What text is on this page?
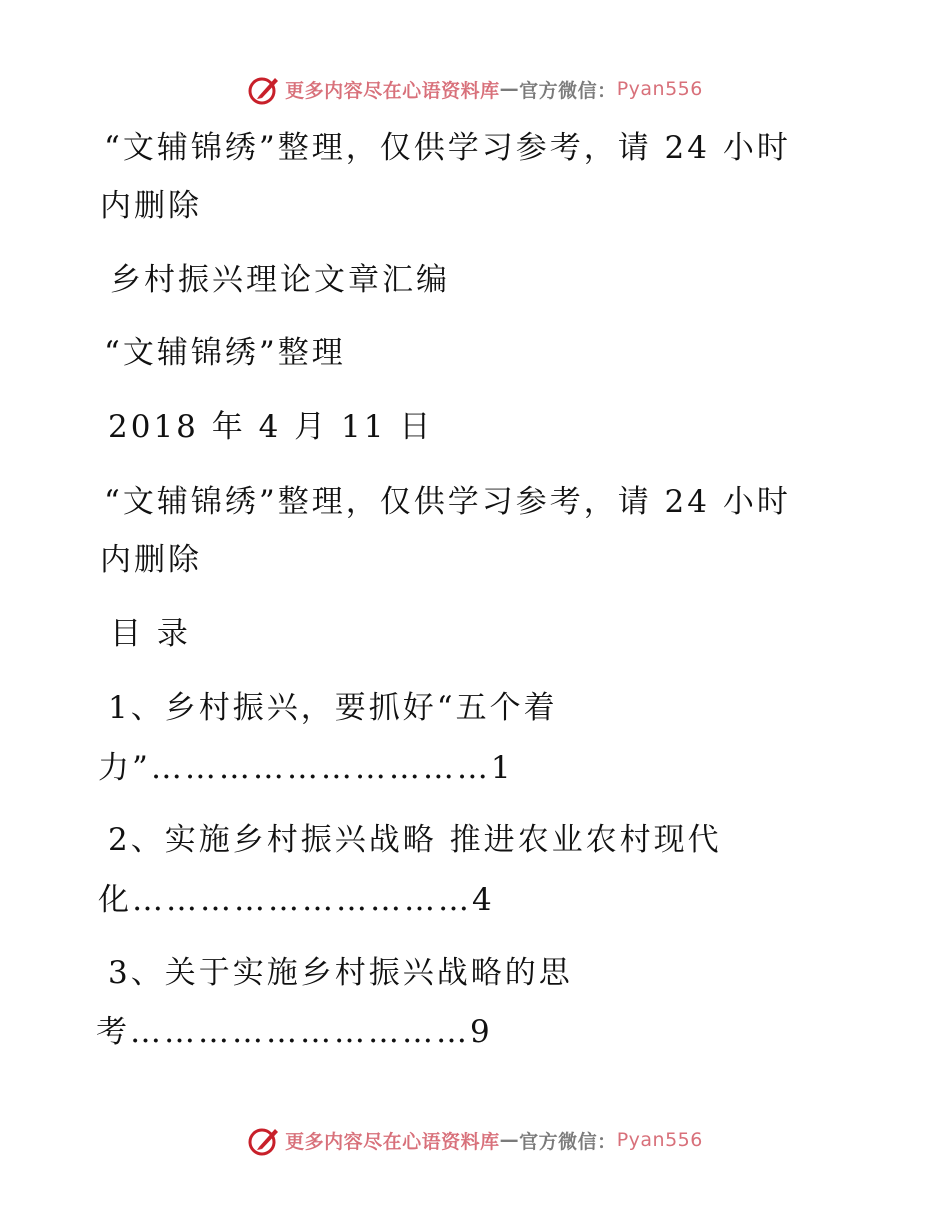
更多内容尽在心语资料库 — 官方微信： Pyan556
“文辅锦绣”整理，仅供学习参考，请 24 小时
内删除
乡村振兴理论文章汇编
“文辅锦绣”整理
2018 年 4 月 11 日
“文辅锦绣”整理，仅供学习参考，请 24 小时
内删除
目 录
1、乡村振兴，要抓好“五个着
力”…………………………1
2、实施乡村振兴战略 推进农业农村现代
化…………………………4
3、关于实施乡村振兴战略的思
考…………………………9
更多内容尽在心语资料库 — 官方微信： Pyan556
